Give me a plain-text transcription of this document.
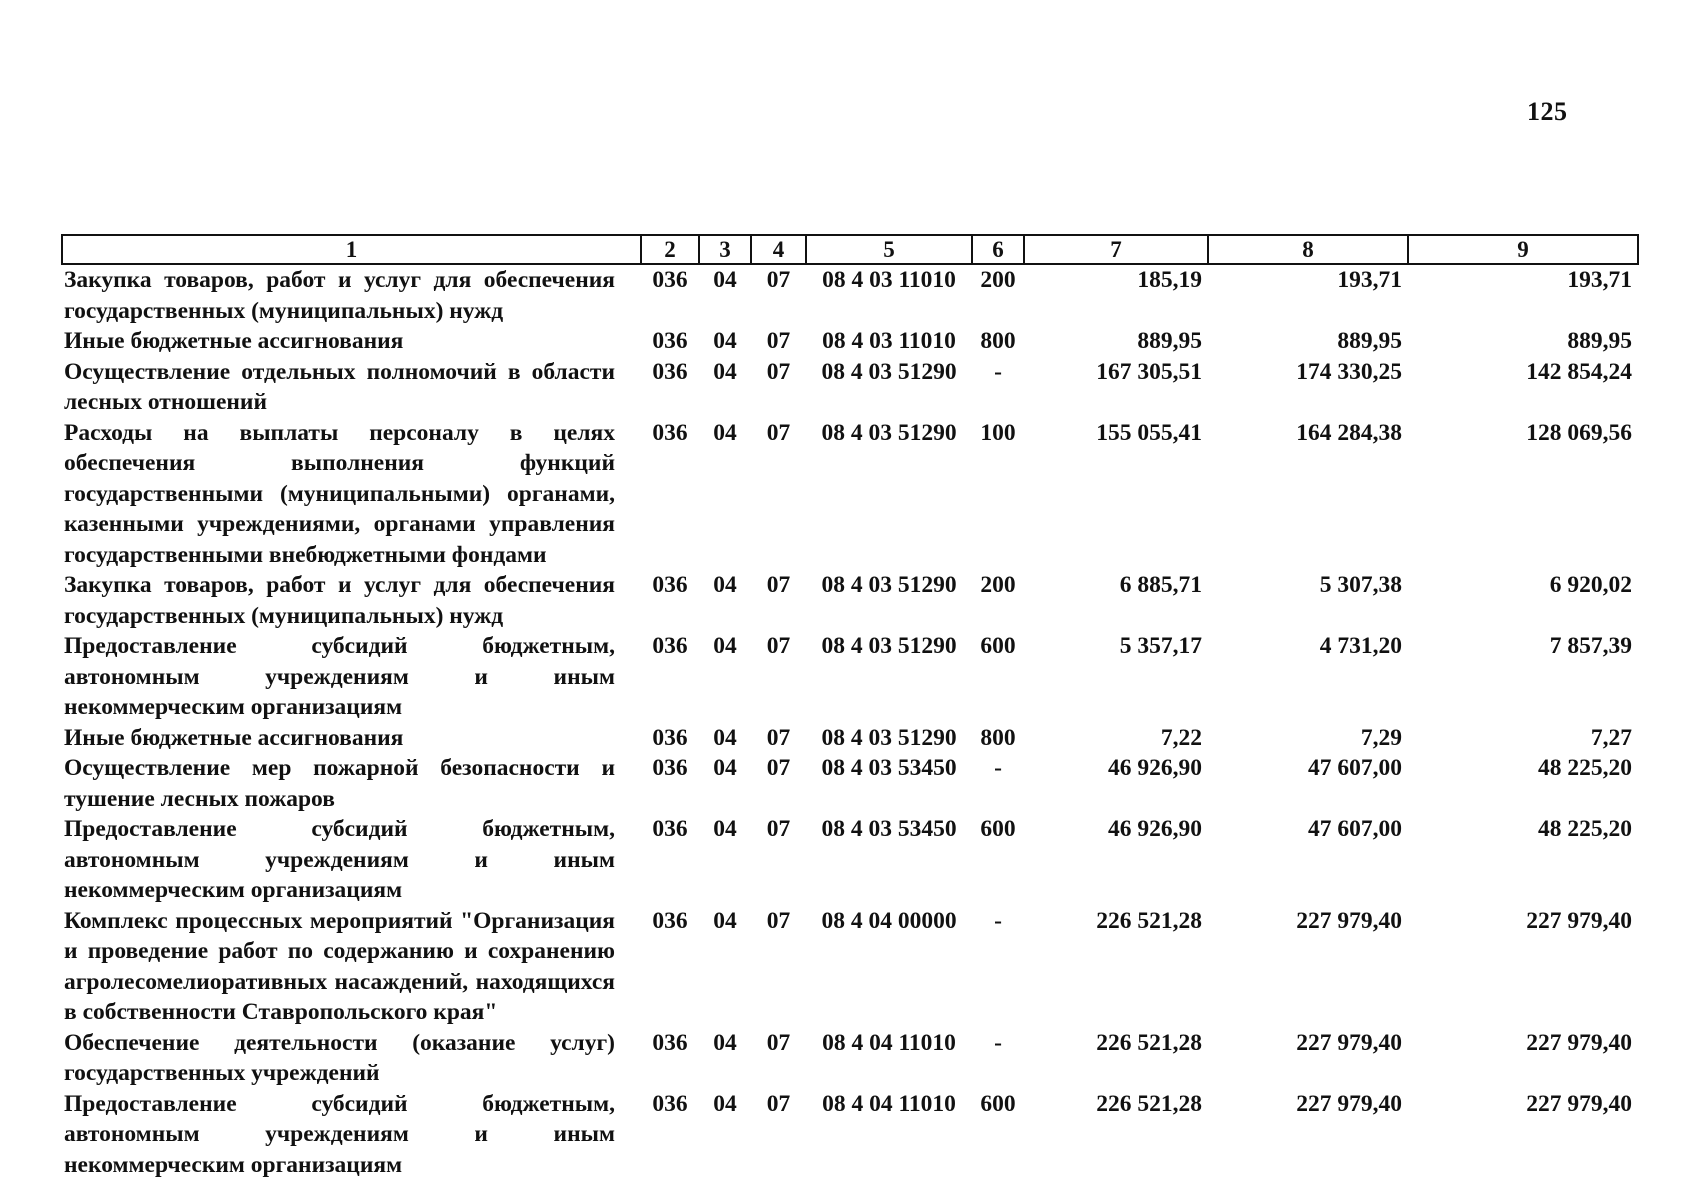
125
1	2	3	4	5	6	7	8	9
Закупка товаров, работ и услуг для обеспечения государственных (муниципальных) нужд	036	04	07	08 4 03 11010	200	185,19	193,71	193,71
Иные бюджетные ассигнования	036	04	07	08 4 03 11010	800	889,95	889,95	889,95
Осуществление отдельных полномочий в области лесных отношений	036	04	07	08 4 03 51290	-	167 305,51	174 330,25	142 854,24
Расходы на выплаты персоналу в целях обеспечения выполнения функций государственными (муниципальными) органами, казенными учреждениями, органами управления государственными внебюджетными фондами	036	04	07	08 4 03 51290	100	155 055,41	164 284,38	128 069,56
Закупка товаров, работ и услуг для обеспечения государственных (муниципальных) нужд	036	04	07	08 4 03 51290	200	6 885,71	5 307,38	6 920,02
Предоставление субсидий бюджетным, автономным учреждениям и иным некоммерческим организациям	036	04	07	08 4 03 51290	600	5 357,17	4 731,20	7 857,39
Иные бюджетные ассигнования	036	04	07	08 4 03 51290	800	7,22	7,29	7,27
Осуществление мер пожарной безопасности и тушение лесных пожаров	036	04	07	08 4 03 53450	-	46 926,90	47 607,00	48 225,20
Предоставление субсидий бюджетным, автономным учреждениям и иным некоммерческим организациям	036	04	07	08 4 03 53450	600	46 926,90	47 607,00	48 225,20
Комплекс процессных мероприятий "Организация и проведение работ по содержанию и сохранению агролесомелиоративных насаждений, находящихся в собственности Ставропольского края"	036	04	07	08 4 04 00000	-	226 521,28	227 979,40	227 979,40
Обеспечение деятельности (оказание услуг) государственных учреждений	036	04	07	08 4 04 11010	-	226 521,28	227 979,40	227 979,40
Предоставление субсидий бюджетным, автономным учреждениям и иным некоммерческим организациям	036	04	07	08 4 04 11010	600	226 521,28	227 979,40	227 979,40
